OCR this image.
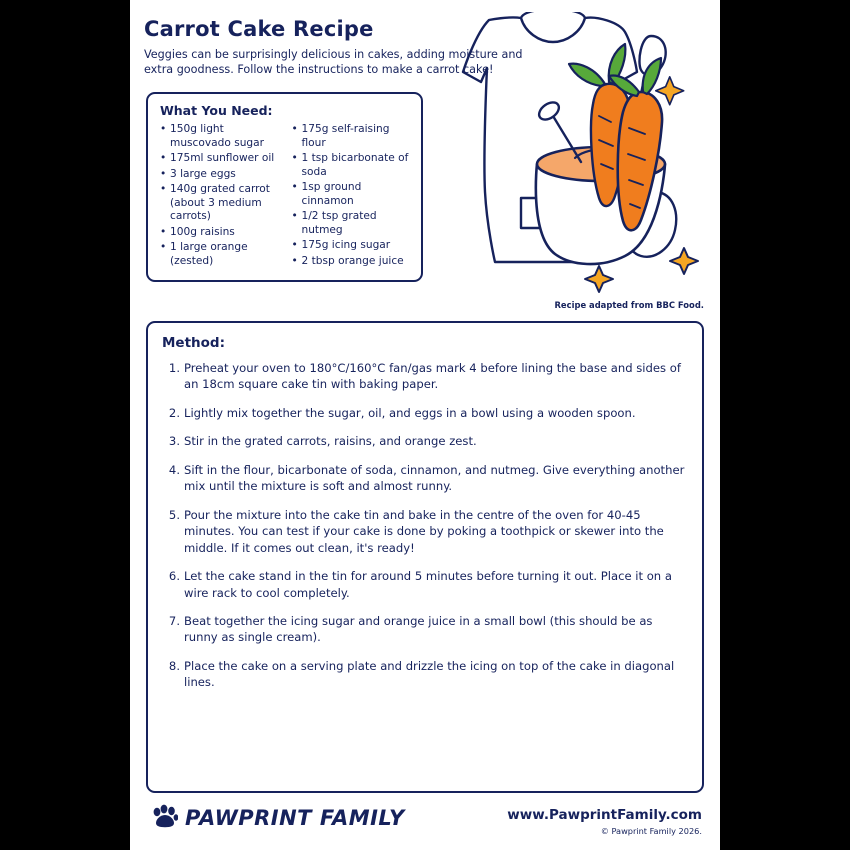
Carrot Cake Recipe
Veggies can be surprisingly delicious in cakes, adding moisture and extra goodness. Follow the instructions to make a carrot cake!
Recipe adapted from BBC Food.
What You Need:
• 150g light muscovado sugar
• 175ml sunflower oil
• 3 large eggs
• 140g grated carrot (about 3 medium carrots)
• 100g raisins
• 1 large orange (zested)
• 175g self-raising flour
• 1 tsp bicarbonate of soda
• 1sp ground cinnamon
• 1/2 tsp grated nutmeg
• 175g icing sugar
• 2 tbsp orange juice
Method:
Preheat your oven to 180°C/160°C fan/gas mark 4 before lining the base and sides of an 18cm square cake tin with baking paper.
Lightly mix together the sugar, oil, and eggs in a bowl using a wooden spoon.
Stir in the grated carrots, raisins, and orange zest.
Sift in the flour, bicarbonate of soda, cinnamon, and nutmeg. Give everything another mix until the mixture is soft and almost runny.
Pour the mixture into the cake tin and bake in the centre of the oven for 40-45 minutes. You can test if your cake is done by poking a toothpick or skewer into the middle. If it comes out clean, it's ready!
Let the cake stand in the tin for around 5 minutes before turning it out. Place it on a wire rack to cool completely.
Beat together the icing sugar and orange juice in a small bowl (this should be as runny as single cream).
Place the cake on a serving plate and drizzle the icing on top of the cake in diagonal lines.
PAWPRINT FAMILY	www.PawprintFamily.com
© Pawprint Family 2026.
